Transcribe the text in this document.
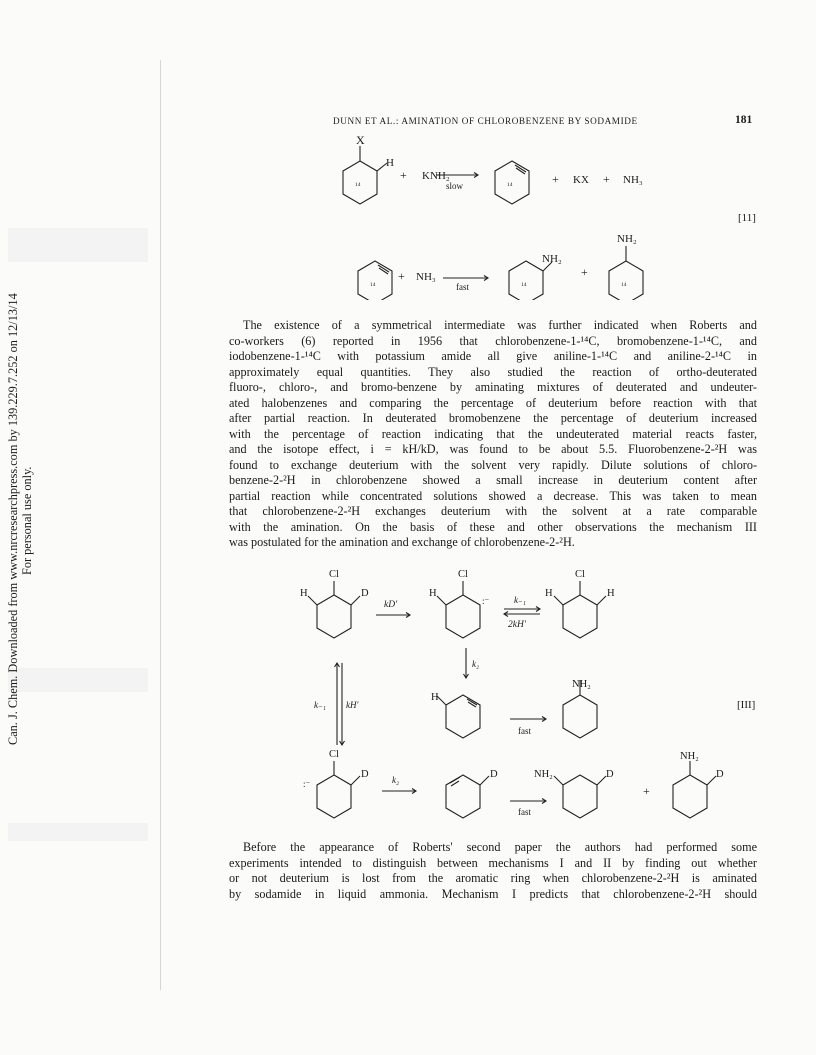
Can. J. Chem. Downloaded from www.nrcresearchpress.com by 139.229.7.252 on 12/13/14 For personal use only.
DUNN ET AL.: AMINATION OF CHLOROBENZENE BY SODAMIDE	181
X
H
14
+ KNH₂
slow	14	+ KX + NH₃
14
+ NH₃
fast
NH₂
14
+
NH₂
14
[11]
The existence of a symmetrical intermediate was further indicated when Roberts and
co-workers (6) reported in 1956 that chlorobenzene-1-¹⁴C, bromobenzene-1-¹⁴C, and
iodobenzene-1-¹⁴C with potassium amide all give aniline-1-¹⁴C and aniline-2-¹⁴C in
approximately equal quantities. They also studied the reaction of ortho-deuterated
fluoro-, chloro-, and bromo-benzene by aminating mixtures of deuterated and undeuter-
ated halobenzenes and comparing the percentage of deuterium before reaction with that
after partial reaction. In deuterated bromobenzene the percentage of deuterium increased
with the percentage of reaction indicating that the undeuterated material reacts faster,
and the isotope effect, i = kH/kD, was found to be about 5.5. Fluorobenzene-2-²H was
found to exchange deuterium with the solvent very rapidly. Dilute solutions of chloro-
benzene-2-²H in chlorobenzene showed a small increase in deuterium content after
partial reaction while concentrated solutions showed a decrease. This was taken to mean
that chlorobenzene-2-²H exchanges deuterium with the solvent at a rate comparable
with the amination. On the basis of these and other observations the mechanism III
was postulated for the amination and exchange of chlorobenzene-2-²H.
Cl
H	D
kD′
Cl
H
:⁻	k₋₁
2kH′
Cl
H	H
k₂
k₋₁ kH′
H
fast
NH₂
Cl
:⁻
D	k₂	D
fast
NH₂	D
+
NH₂
D
[III]
Before the appearance of Roberts' second paper the authors had performed some
experiments intended to distinguish between mechanisms I and II by finding out whether
or not deuterium is lost from the aromatic ring when chlorobenzene-2-²H is aminated
by sodamide in liquid ammonia. Mechanism I predicts that chlorobenzene-2-²H should
